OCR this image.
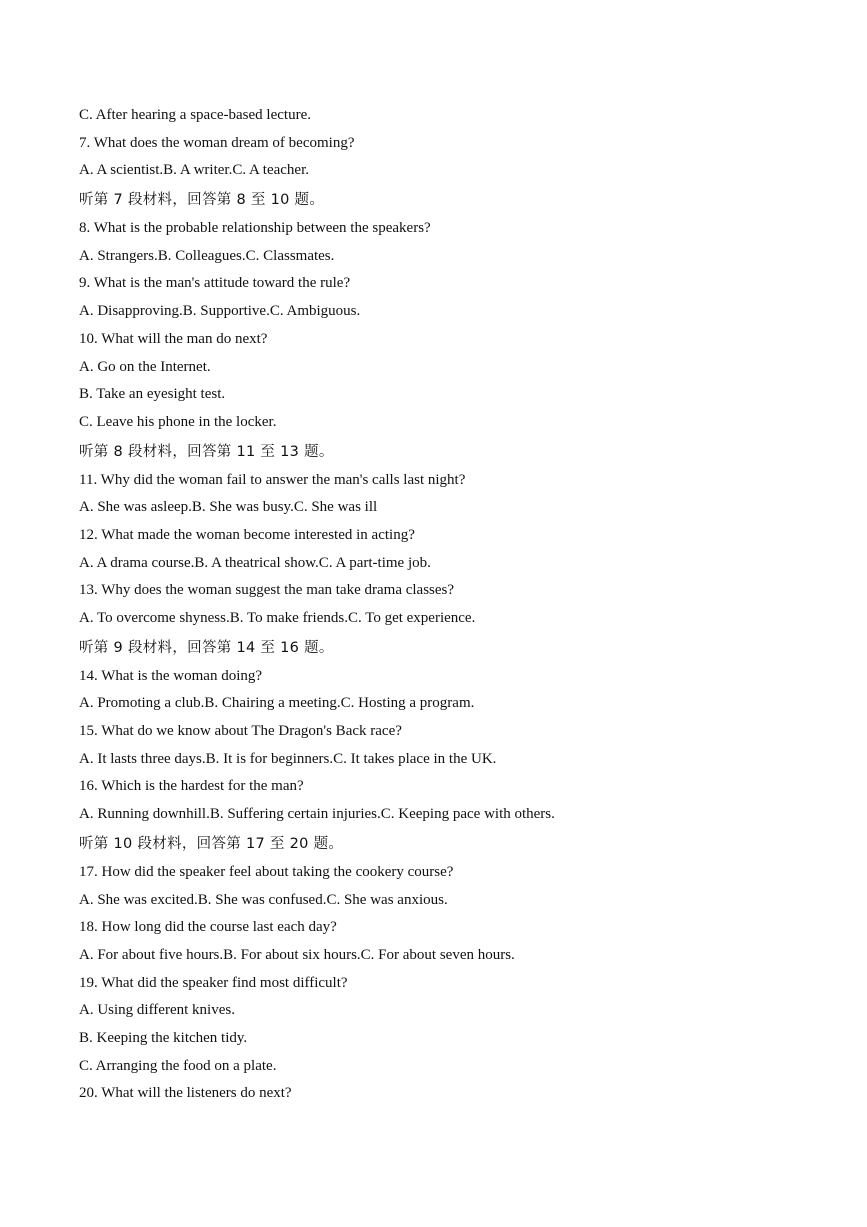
C. After hearing a space-based lecture.
7. What does the woman dream of becoming?
A. A scientist.B. A writer.C. A teacher.
听第 7 段材料，回答第 8 至 10 题。
8. What is the probable relationship between the speakers?
A. Strangers.B. Colleagues.C. Classmates.
9. What is the man's attitude toward the rule?
A. Disapproving.B. Supportive.C. Ambiguous.
10. What will the man do next?
A. Go on the Internet.
B. Take an eyesight test.
C. Leave his phone in the locker.
听第 8 段材料，回答第 11 至 13 题。
11. Why did the woman fail to answer the man's calls last night?
A. She was asleep.B. She was busy.C. She was ill
12. What made the woman become interested in acting?
A. A drama course.B. A theatrical show.C. A part-time job.
13. Why does the woman suggest the man take drama classes?
A. To overcome shyness.B. To make friends.C. To get experience.
听第 9 段材料，回答第 14 至 16 题。
14. What is the woman doing?
A. Promoting a club.B. Chairing a meeting.C. Hosting a program.
15. What do we know about The Dragon's Back race?
A. It lasts three days.B. It is for beginners.C. It takes place in the UK.
16. Which is the hardest for the man?
A. Running downhill.B. Suffering certain injuries.C. Keeping pace with others.
听第 10 段材料，回答第 17 至 20 题。
17. How did the speaker feel about taking the cookery course?
A. She was excited.B. She was confused.C. She was anxious.
18. How long did the course last each day?
A. For about five hours.B. For about six hours.C. For about seven hours.
19. What did the speaker find most difficult?
A. Using different knives.
B. Keeping the kitchen tidy.
C. Arranging the food on a plate.
20. What will the listeners do next?
